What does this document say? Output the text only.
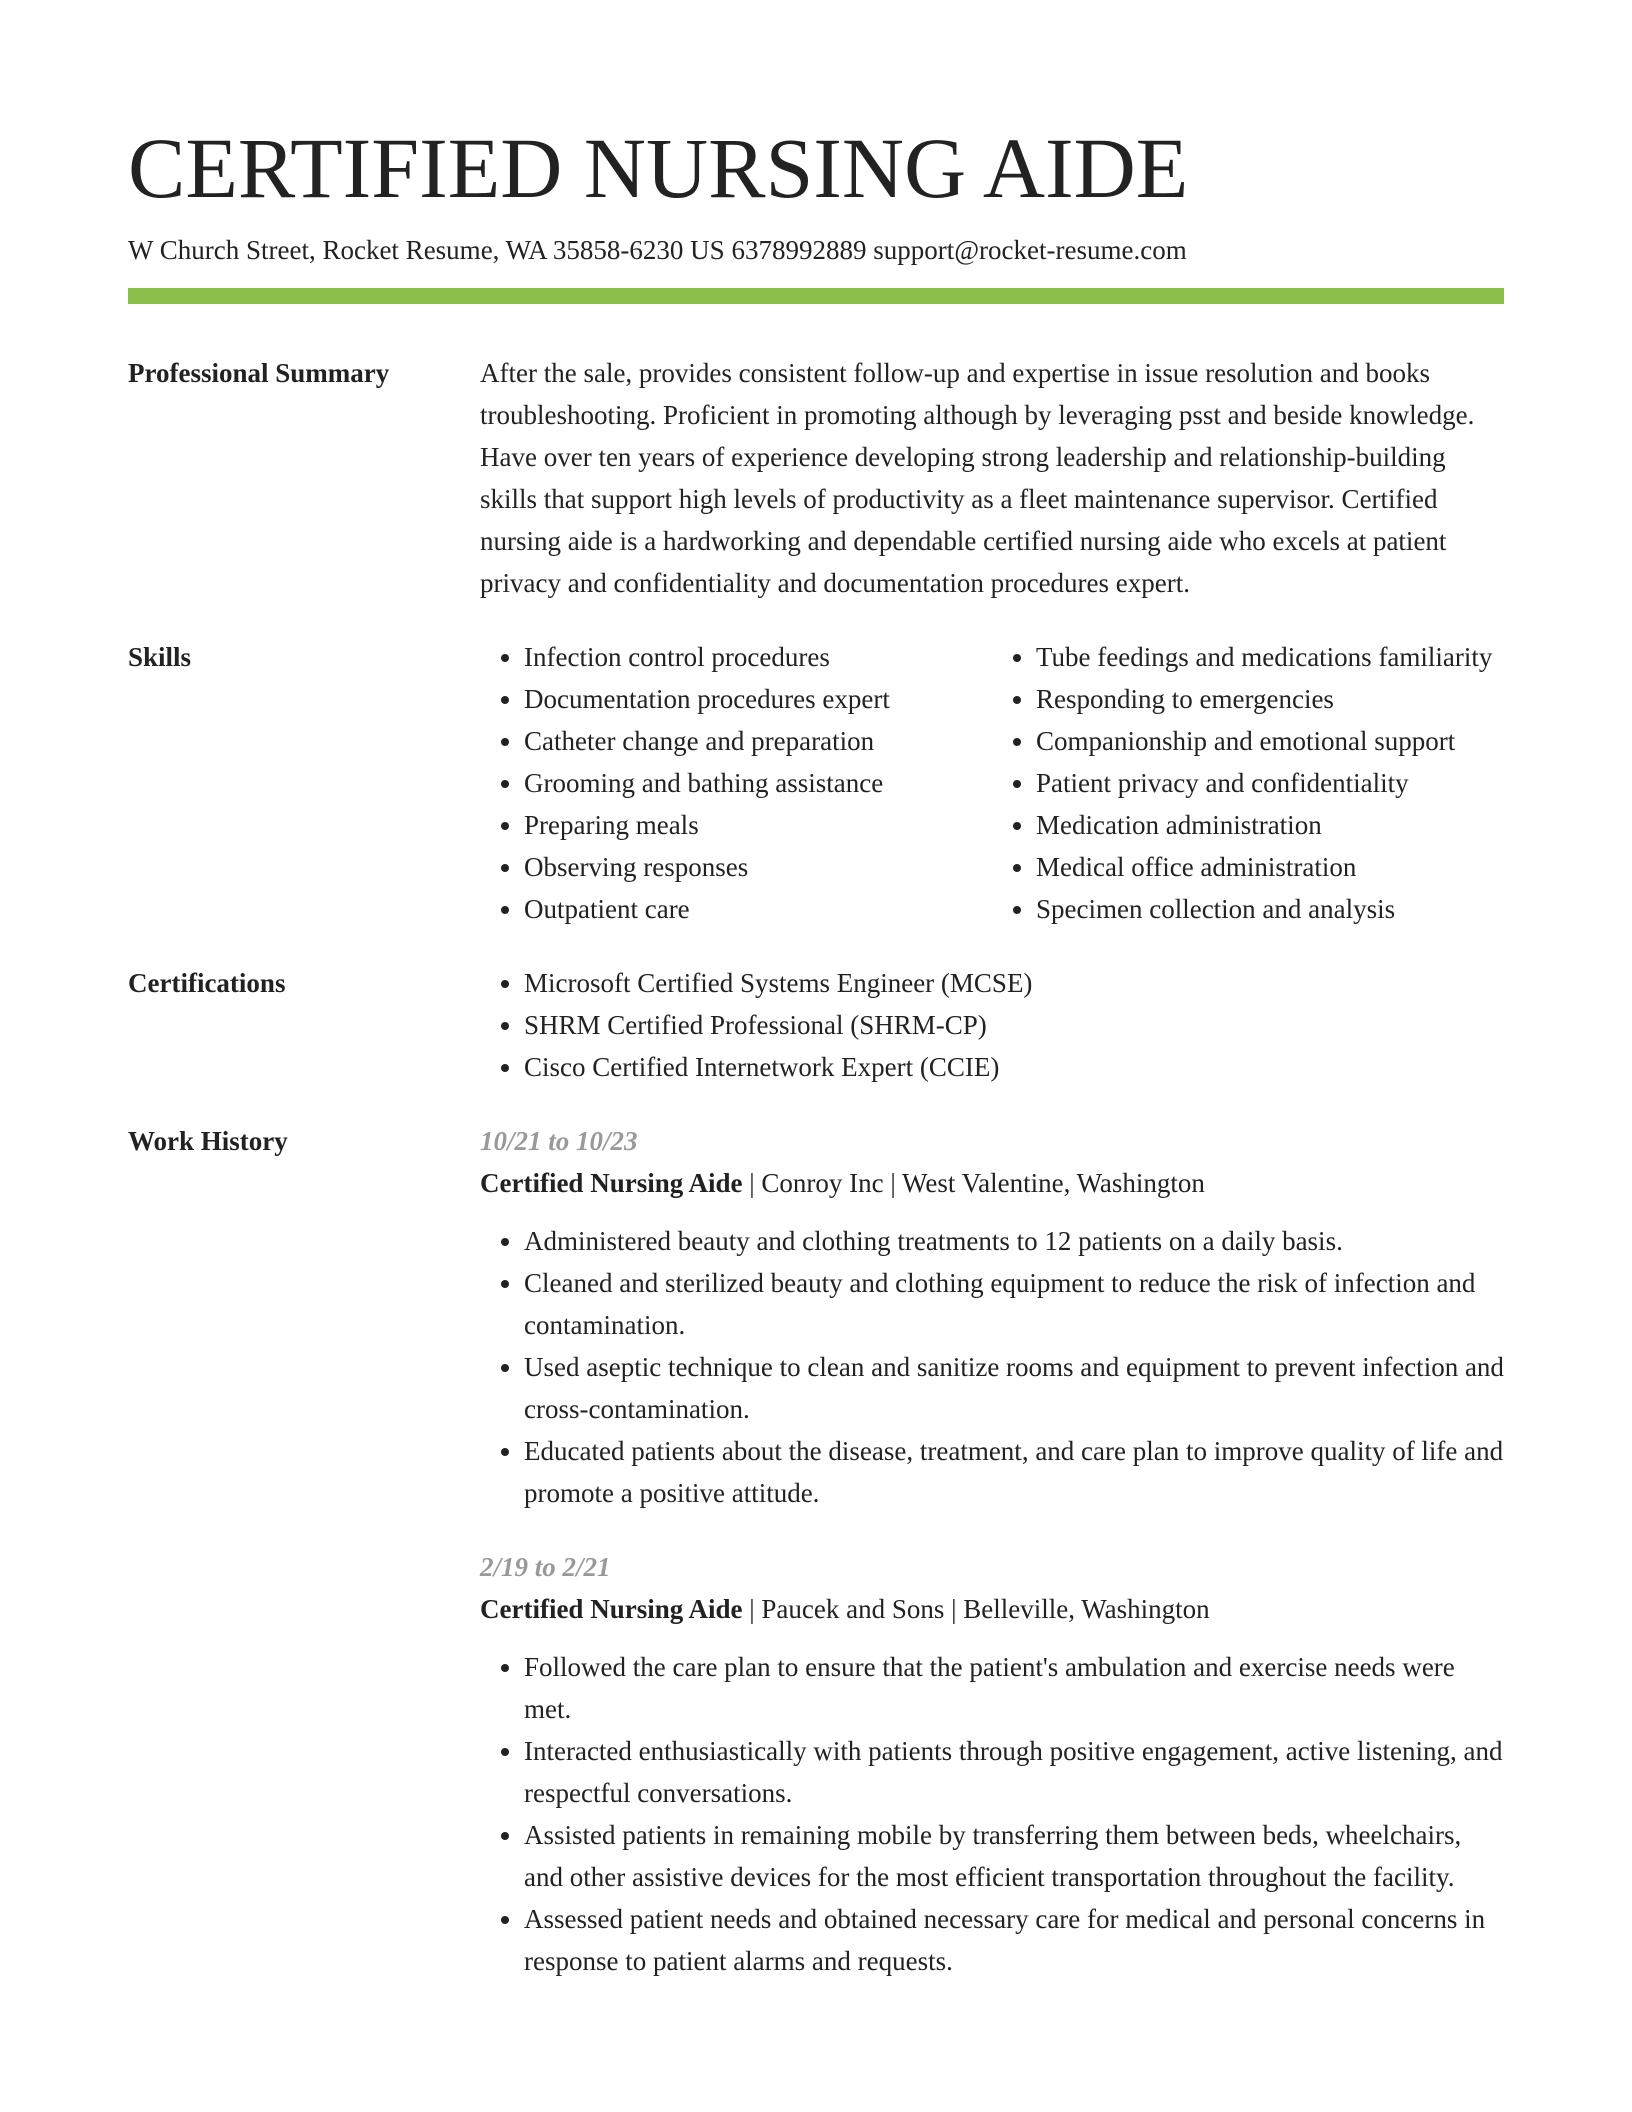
CERTIFIED NURSING AIDE
W Church Street, Rocket Resume, WA 35858-6230 US 6378992889 support@rocket-resume.com
Professional Summary	After the sale, provides consistent follow-up and expertise in issue resolution and books troubleshooting. Proficient in promoting although by leveraging psst and beside knowledge. Have over ten years of experience developing strong leadership and relationship-building skills that support high levels of productivity as a fleet maintenance supervisor. Certified nursing aide is a hardworking and dependable certified nursing aide who excels at patient privacy and confidentiality and documentation procedures expert.

Skills	• Infection control procedures
• Documentation procedures expert
• Catheter change and preparation
• Grooming and bathing assistance
• Preparing meals
• Observing responses
• Outpatient care
• Tube feedings and medications familiarity
• Responding to emergencies
• Companionship and emotional support
• Patient privacy and confidentiality
• Medication administration
• Medical office administration
• Specimen collection and analysis
Certifications	• Microsoft Certified Systems Engineer (MCSE)
• SHRM Certified Professional (SHRM-CP)
• Cisco Certified Internetwork Expert (CCIE)
Work History	10/21 to 10/23
Certified Nursing Aide | Conroy Inc | West Valentine, Washington
• Administered beauty and clothing treatments to 12 patients on a daily basis.
• Cleaned and sterilized beauty and clothing equipment to reduce the risk of infection and contamination.
• Used aseptic technique to clean and sanitize rooms and equipment to prevent infection and cross-contamination.
• Educated patients about the disease, treatment, and care plan to improve quality of life and promote a positive attitude.
2/19 to 2/21
Certified Nursing Aide | Paucek and Sons | Belleville, Washington
• Followed the care plan to ensure that the patient's ambulation and exercise needs were met.
• Interacted enthusiastically with patients through positive engagement, active listening, and respectful conversations.
• Assisted patients in remaining mobile by transferring them between beds, wheelchairs, and other assistive devices for the most efficient transportation throughout the facility.
• Assessed patient needs and obtained necessary care for medical and personal concerns in response to patient alarms and requests.
